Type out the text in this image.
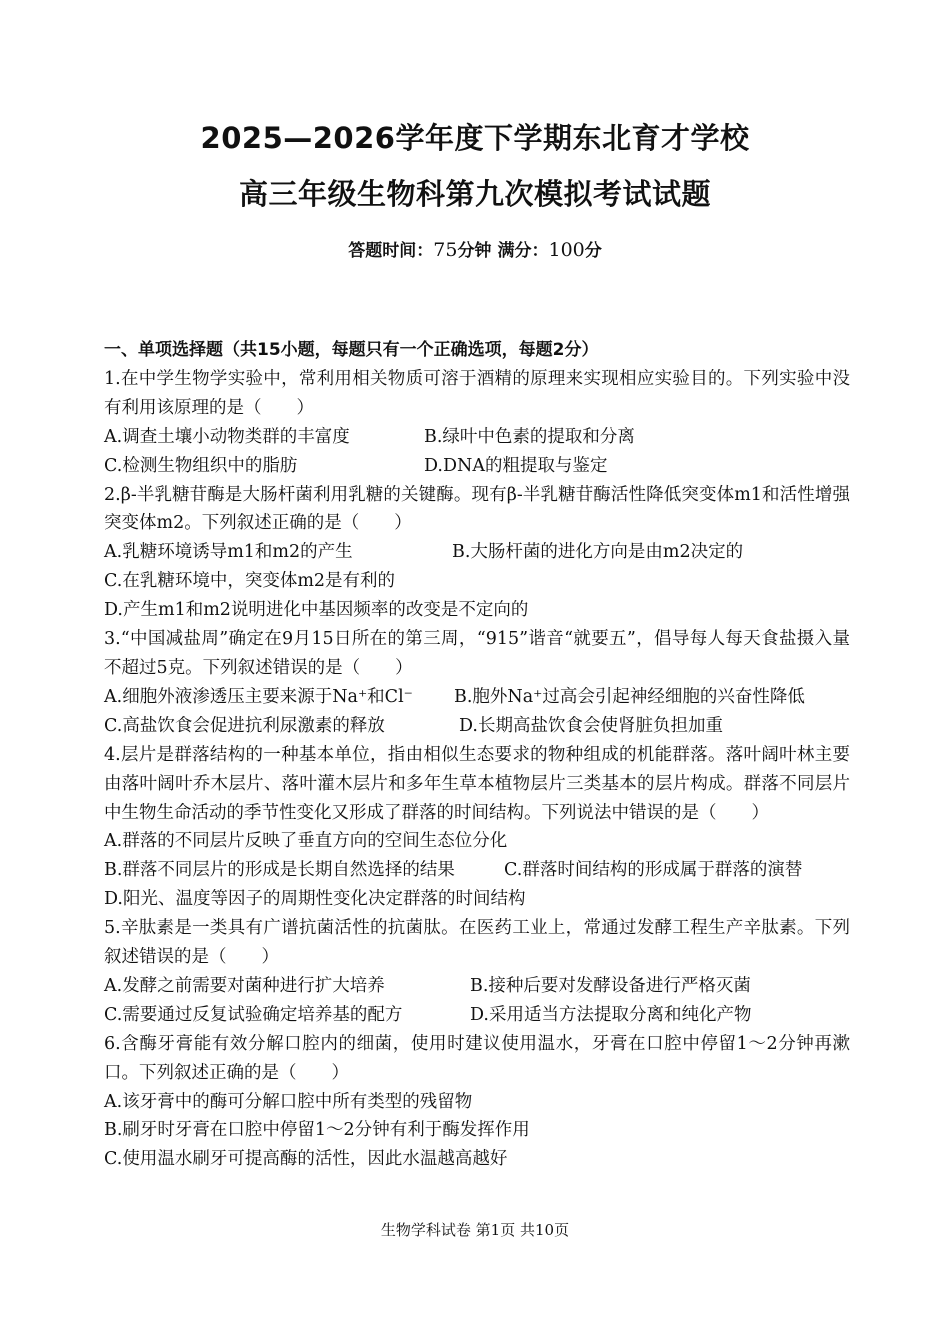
2025—2026学年度下学期东北育才学校
高三年级生物科第九次模拟考试试题
答题时间：75分钟 满分：100分
一、单项选择题（共15小题，每题只有一个正确选项，每题2分）
1.在中学生物学实验中，常利用相关物质可溶于酒精的原理来实现相应实验目的。下列实验中没有利用该原理的是（　　）
A.调查土壤小动物类群的丰富度	B.绿叶中色素的提取和分离
C.检测生物组织中的脂肪	D.DNA的粗提取与鉴定
2.β-半乳糖苷酶是大肠杆菌利用乳糖的关键酶。现有β-半乳糖苷酶活性降低突变体m1和活性增强突变体m2。下列叙述正确的是（　　）
A.乳糖环境诱导m1和m2的产生	B.大肠杆菌的进化方向是由m2决定的
C.在乳糖环境中，突变体m2是有利的
D.产生m1和m2说明进化中基因频率的改变是不定向的
3.“中国减盐周”确定在9月15日所在的第三周，“915”谐音“就要五”，倡导每人每天食盐摄入量不超过5克。下列叙述错误的是（　　）
A.细胞外液渗透压主要来源于Na⁺和Cl⁻	B.胞外Na⁺过高会引起神经细胞的兴奋性降低
C.高盐饮食会促进抗利尿激素的释放	D.长期高盐饮食会使肾脏负担加重
4.层片是群落结构的一种基本单位，指由相似生态要求的物种组成的机能群落。落叶阔叶林主要由落叶阔叶乔木层片、落叶灌木层片和多年生草本植物层片三类基本的层片构成。群落不同层片中生物生命活动的季节性变化又形成了群落的时间结构。下列说法中错误的是（　　）
A.群落的不同层片反映了垂直方向的空间生态位分化
B.群落不同层片的形成是长期自然选择的结果	C.群落时间结构的形成属于群落的演替
D.阳光、温度等因子的周期性变化决定群落的时间结构
5.辛肽素是一类具有广谱抗菌活性的抗菌肽。在医药工业上，常通过发酵工程生产辛肽素。下列叙述错误的是（　　）
A.发酵之前需要对菌种进行扩大培养	B.接种后要对发酵设备进行严格灭菌
C.需要通过反复试验确定培养基的配方	D.采用适当方法提取分离和纯化产物
6.含酶牙膏能有效分解口腔内的细菌，使用时建议使用温水，牙膏在口腔中停留1～2分钟再漱口。下列叙述正确的是（　　）
A.该牙膏中的酶可分解口腔中所有类型的残留物
B.刷牙时牙膏在口腔中停留1～2分钟有利于酶发挥作用
C.使用温水刷牙可提高酶的活性，因此水温越高越好
生物学科试卷 第1页 共10页
